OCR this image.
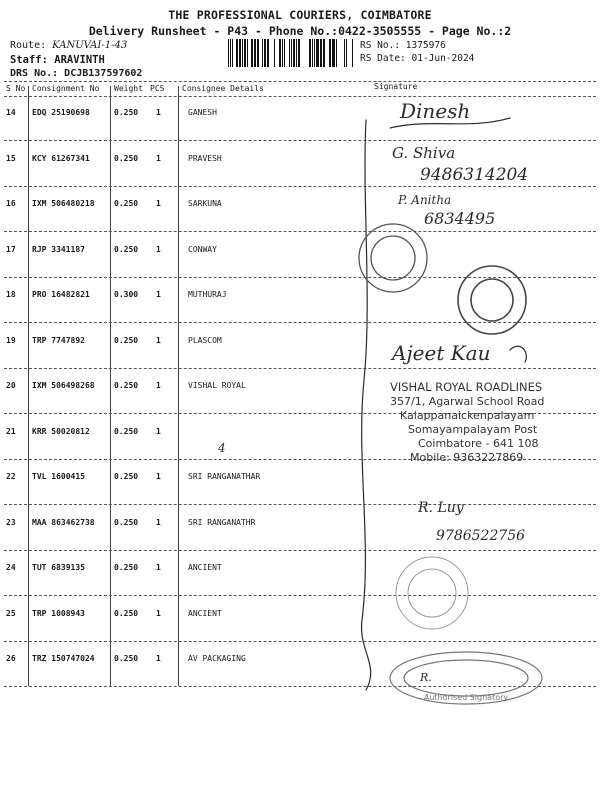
THE PROFESSIONAL COURIERS, COIMBATORE
Delivery Runsheet - P43 - Phone No.:0422-3505555 - Page No.:2
Route: KANUVAI-1-43
Staff: ARAVINTH
DRS No.: DCJB137597602
RS No.: 1375976
RS Date: 01-Jun-2024
S No Consignment No Weight PCS Consignee Details	Signature
14 EDQ 25190698	0.250 1	GANESH
15 KCY 61267341	0.250 1	PRAVESH
16 IXM 506480218 0.250 1	SARKUNA
17 RJP 3341187	0.250 1	CONWAY
18 PRO 16482821	0.300 1	MUTHURAJ
19 TRP 7747892	0.250 1	PLASCOM
20 IXM 506498268 0.250 1	VISHAL ROYAL
21 KRR 50020812	0.250 1
22 TVL 1600415	0.250 1	SRI RANGANATHAR
23 MAA 863462738 0.250 1	SRI RANGANATHR
24 TUT 6839135	0.250 1	ANCIENT
25 TRP 1008943	0.250 1	ANCIENT
26 TRZ 150747024 0.250 1	AV PACKAGING
Dinesh
G. Shiva
9486314204
P. Anitha
6834495
Ajeet Kau
4
R. Luy
9786522756
R.
Authorised Signatory
VISHAL ROYAL ROADLINES
357/1, Agarwal School Road
Kalappanaickenpalayam
Somayampalayam Post
Coimbatore - 641 108
Mobile: 9363227869
